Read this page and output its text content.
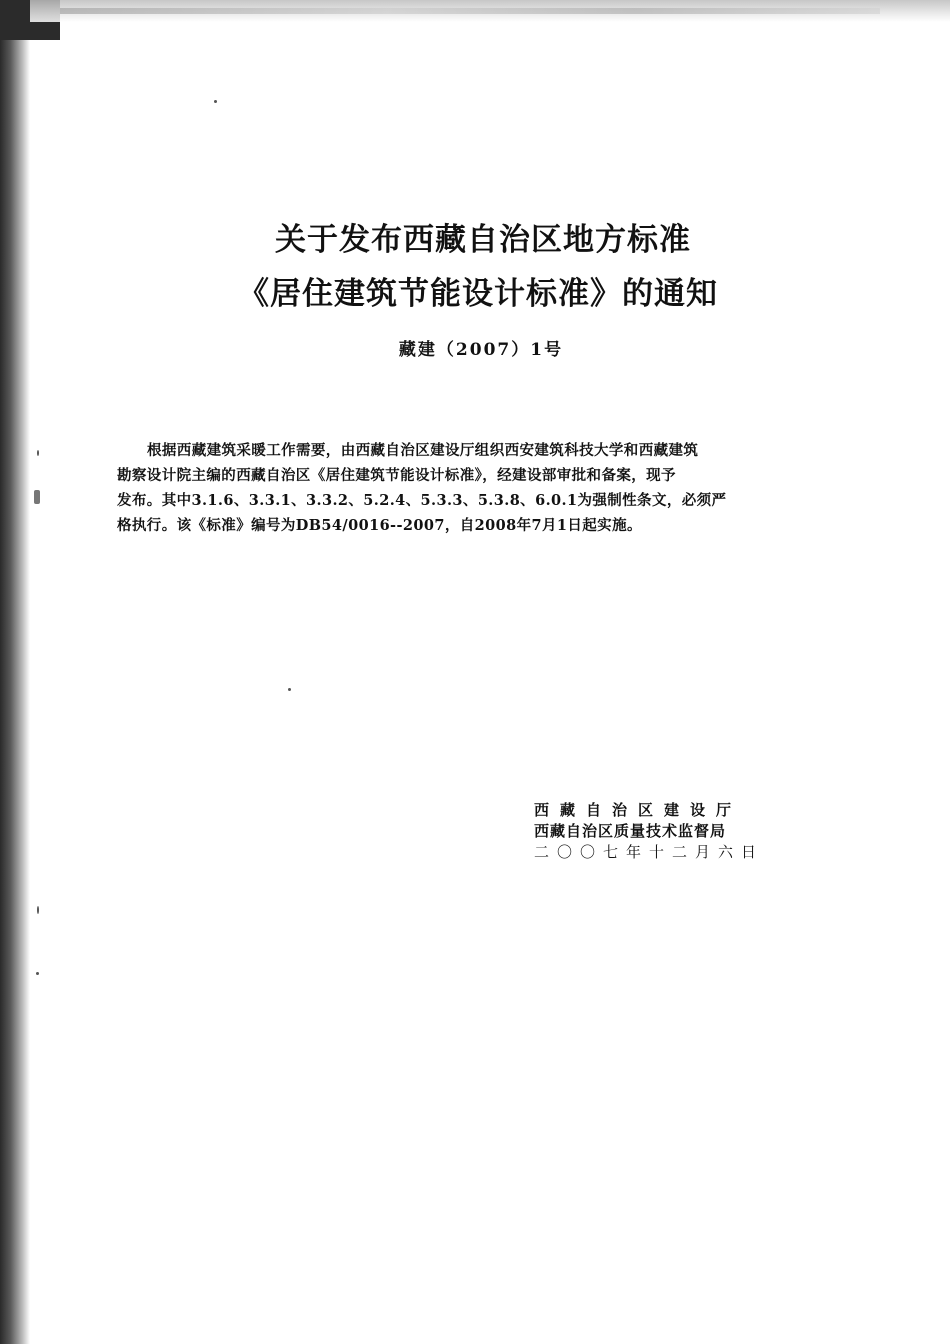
关于发布西藏自治区地方标准
《居住建筑节能设计标准》的通知
藏建（2007）1号
根据西藏建筑采暖工作需要，由西藏自治区建设厅组织西安建筑科技大学和西藏建筑
勘察设计院主编的西藏自治区《居住建筑节能设计标准》，经建设部审批和备案，现予
发布。其中3.1.6、3.3.1、3.3.2、5.2.4、5.3.3、5.3.8、6.0.1为强制性条文，必须严
格执行。该《标准》编号为DB54/0016--2007，自2008年7月1日起实施。
西藏自治区建设厅
西藏自治区质量技术监督局
二〇〇七年十二月六日
